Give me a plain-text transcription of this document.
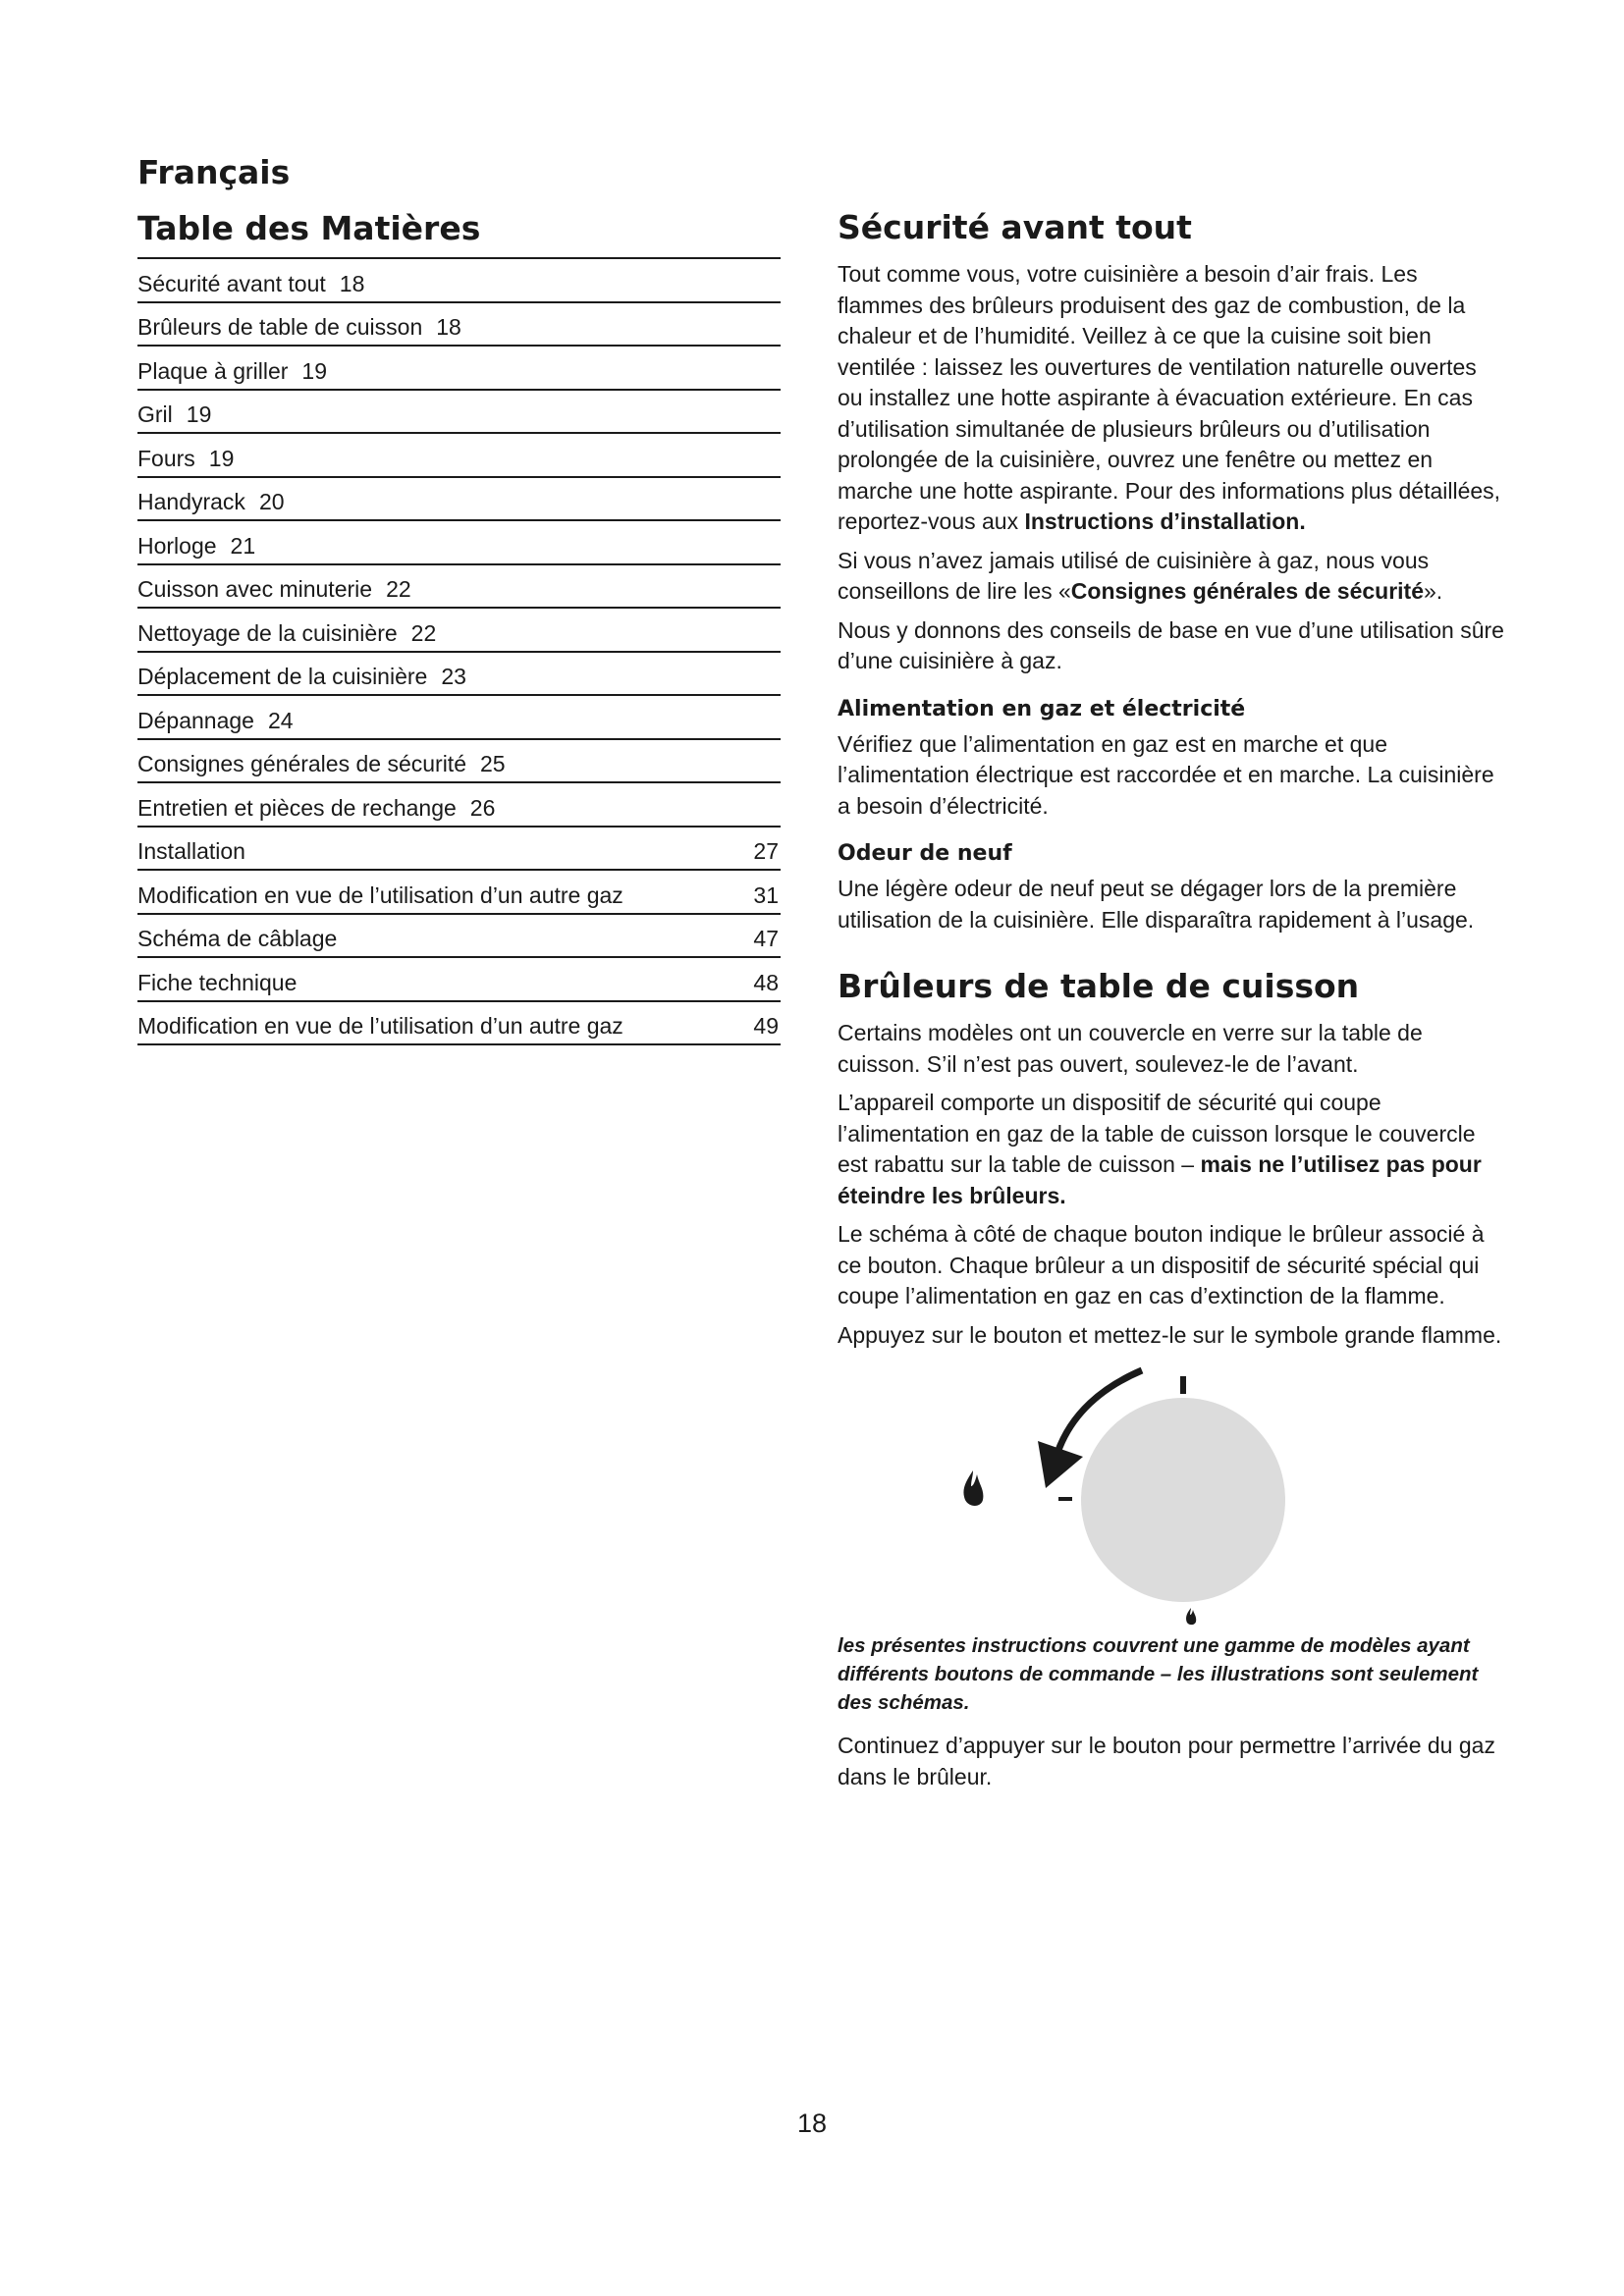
Français
Table des Matières
Sécurité avant tout 18
Brûleurs de table de cuisson 18
Plaque à griller 19
Gril 19
Fours 19
Handyrack 20
Horloge 21
Cuisson avec minuterie 22
Nettoyage de la cuisinière 22
Déplacement de la cuisinière 23
Dépannage 24
Consignes générales de sécurité 25
Entretien et pièces de rechange 26
Installation	27
Modification en vue de l’utilisation d’un autre gaz	31
Schéma de câblage	47
Fiche technique	48
Modification en vue de l’utilisation d’un autre gaz	49
Sécurité avant tout

Tout comme vous, votre cuisinière a besoin d’air frais. Les flammes des brûleurs produisent des gaz de combustion, de la chaleur et de l’humidité. Veillez à ce que la cuisine soit bien ventilée : laissez les ouvertures de ventilation naturelle ouvertes ou installez une hotte aspirante à évacuation extérieure. En cas d’utilisation simultanée de plusieurs brûleurs ou d’utilisation prolongée de la cuisinière, ouvrez une fenêtre ou mettez en marche une hotte aspirante. Pour des informations plus détaillées, reportez-vous aux Instructions d’installation.

Si vous n’avez jamais utilisé de cuisinière à gaz, nous vous conseillons de lire les «Consignes générales de sécurité».

Nous y donnons des conseils de base en vue d’une utilisation sûre d’une cuisinière à gaz.

Alimentation en gaz et électricité

Vérifiez que l’alimentation en gaz est en marche et que l’alimentation électrique est raccordée et en marche. La cuisinière a besoin d’électricité.

Odeur de neuf

Une légère odeur de neuf peut se dégager lors de la première utilisation de la cuisinière. Elle disparaîtra rapidement à l’usage.

Brûleurs de table de cuisson

Certains modèles ont un couvercle en verre sur la table de cuisson. S’il n’est pas ouvert, soulevez-le de l’avant.

L’appareil comporte un dispositif de sécurité qui coupe l’alimentation en gaz de la table de cuisson lorsque le couvercle est rabattu sur la table de cuisson – mais ne l’utilisez pas pour éteindre les brûleurs.

Le schéma à côté de chaque bouton indique le brûleur associé à ce bouton. Chaque brûleur a un dispositif de sécurité spécial qui coupe l’alimentation en gaz en cas d’extinction de la flamme.

Appuyez sur le bouton et mettez-le sur le symbole grande flamme.

les présentes instructions couvrent une gamme de modèles ayant différents boutons de commande – les illustrations sont seulement des schémas.

Continuez d’appuyer sur le bouton pour permettre l’arrivée du gaz dans le brûleur.

18
